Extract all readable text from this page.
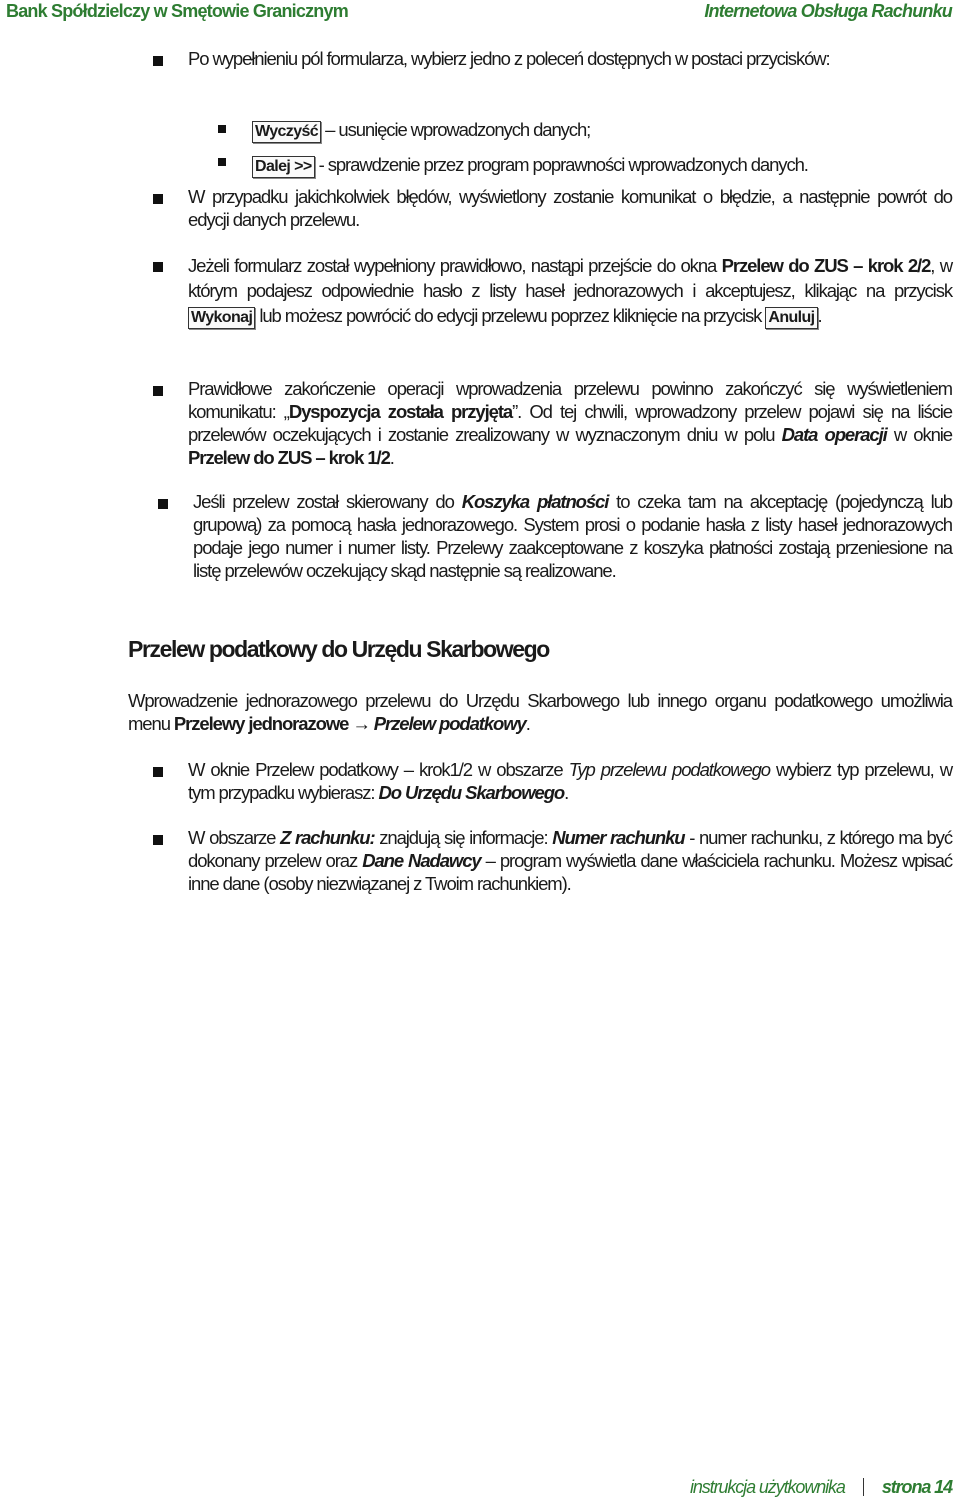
Bank Spółdzielczy w Smętowie Granicznym	Internetowa Obsługa Rachunku
Po wypełnieniu pól formularza, wybierz jedno z poleceń dostępnych w postaci przycisków:
Wyczyść – usunięcie wprowadzonych danych;
Dalej >> - sprawdzenie przez program poprawności wprowadzonych danych.
W przypadku jakichkolwiek błędów, wyświetlony zostanie komunikat o błędzie, a następnie powrót do edycji danych przelewu.
Jeżeli formularz został wypełniony prawidłowo, nastąpi przejście do okna Przelew do ZUS – krok 2/2, w którym podajesz odpowiednie hasło z listy haseł jednorazowych i akceptujesz, klikając na przycisk Wykonaj lub możesz powrócić do edycji przelewu poprzez kliknięcie na przycisk Anuluj .
Prawidłowe zakończenie operacji wprowadzenia przelewu powinno zakończyć się wyświetleniem komunikatu: „Dyspozycja została przyjęta”. Od tej chwili, wprowadzony przelew pojawi się na liście przelewów oczekujących i zostanie zrealizowany w wyznaczonym dniu w polu Data operacji w oknie Przelew do ZUS – krok 1/2.
Jeśli przelew został skierowany do Koszyka płatności to czeka tam na akceptację (pojedynczą lub grupową) za pomocą hasła jednorazowego. System prosi o podanie hasła z listy haseł jednorazowych podaje jego numer i numer listy. Przelewy zaakceptowane z koszyka płatności zostają przeniesione na listę przelewów oczekujący skąd następnie są realizowane.
Przelew podatkowy do Urzędu Skarbowego
Wprowadzenie jednorazowego przelewu do Urzędu Skarbowego lub innego organu podatkowego umożliwia menu Przelewy jednorazowe → Przelew podatkowy.
W oknie Przelew podatkowy – krok1/2 w obszarze Typ przelewu podatkowego wybierz typ przelewu, w tym przypadku wybierasz: Do Urzędu Skarbowego.
W obszarze Z rachunku: znajdują się informacje: Numer rachunku - numer rachunku, z którego ma być dokonany przelew oraz Dane Nadawcy – program wyświetla dane właściciela rachunku. Możesz wpisać inne dane (osoby niezwiązanej z Twoim rachunkiem).
instrukcja użytkownika strona 14
